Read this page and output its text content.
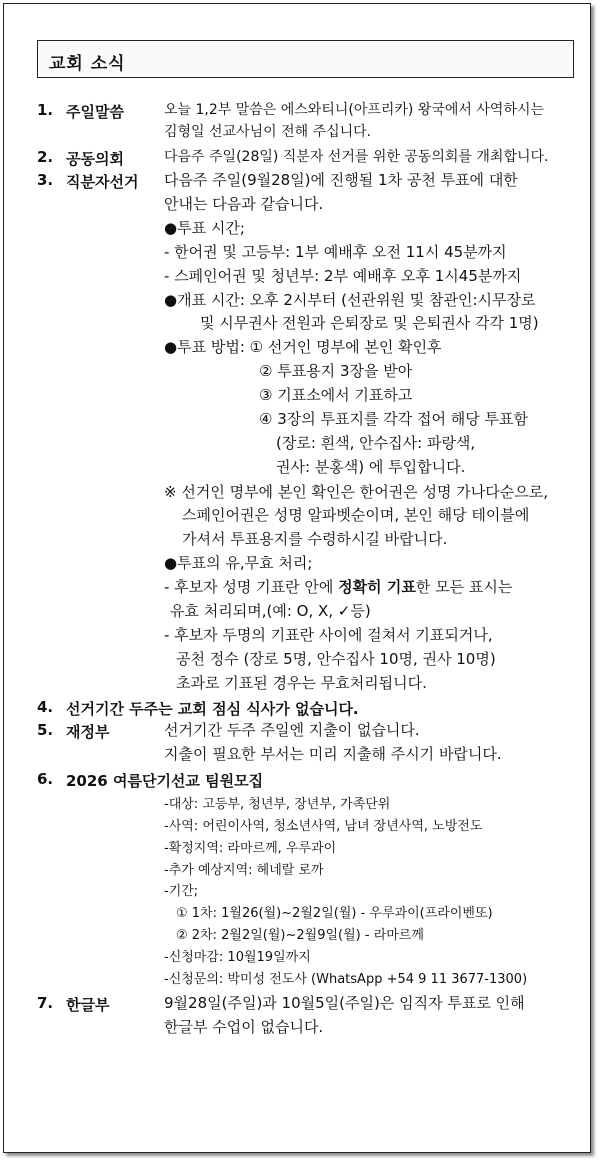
교회 소식
1. 주일말씀	오늘 1,2부 말씀은 에스와티니(아프리카) 왕국에서 사역하시는
김형일 선교사님이 전해 주십니다.
2. 공동의회	다음주 주일(28일) 직분자 선거를 위한 공동의회를 개최합니다.
3. 직분자선거 다음주 주일(9월28일)에 진행될 1차 공천 투표에 대한
안내는 다음과 같습니다.
●투표 시간;
- 한어권 및 고등부: 1부 예배후 오전 11시 45분까지
- 스페인어권 및 청년부: 2부 예배후 오후 1시45분까지
●개표 시간: 오후 2시부터 (선관위원 및 참관인:시무장로
및 시무권사 전원과 은퇴장로 및 은퇴권사 각각 1명)
●투표 방법: ① 선거인 명부에 본인 확인후
② 투표용지 3장을 받아
③ 기표소에서 기표하고
④ 3장의 투표지를 각각 접어 해당 투표함
(장로: 흰색, 안수집사: 파랑색,
권사: 분홍색) 에 투입합니다.
※ 선거인 명부에 본인 확인은 한어권은 성명 가나다순으로,
스페인어권은 성명 알파벳순이며, 본인 해당 테이블에
가셔서 투표용지를 수령하시길 바랍니다.
●투표의 유,무효 처리;
- 후보자 성명 기표란 안에 정확히 기표한 모든 표시는
유효 처리되며,(예: O, X, ✓등)
- 후보자 두명의 기표란 사이에 걸쳐서 기표되거나,
공천 정수 (장로 5명, 안수집사 10명, 권사 10명)
초과로 기표된 경우는 무효처리됩니다.
4. 선거기간 두주는 교회 점심 식사가 없습니다.
5. 재정부	선거기간 두주 주일엔 지출이 없습니다.
지출이 필요한 부서는 미리 지출해 주시기 바랍니다.
6. 2026 여름단기선교 팀원모집
-대상: 고등부, 청년부, 장년부, 가족단위
-사역: 어린이사역, 청소년사역, 남녀 장년사역, 노방전도
-확정지역: 라마르께, 우루과이
-추가 예상지역: 헤네랄 로까
-기간;
① 1차: 1월26(월)~2월2일(월) - 우루과이(프라이벤또)
② 2차: 2월2일(월)~2월9일(월) - 라마르께
-신청마감: 10월19일까지
-신청문의: 박미성 전도사 (WhatsApp +54 9 11 3677-1300)
7. 한글부	9월28일(주일)과 10월5일(주일)은 임직자 투표로 인해
한글부 수업이 없습니다.
